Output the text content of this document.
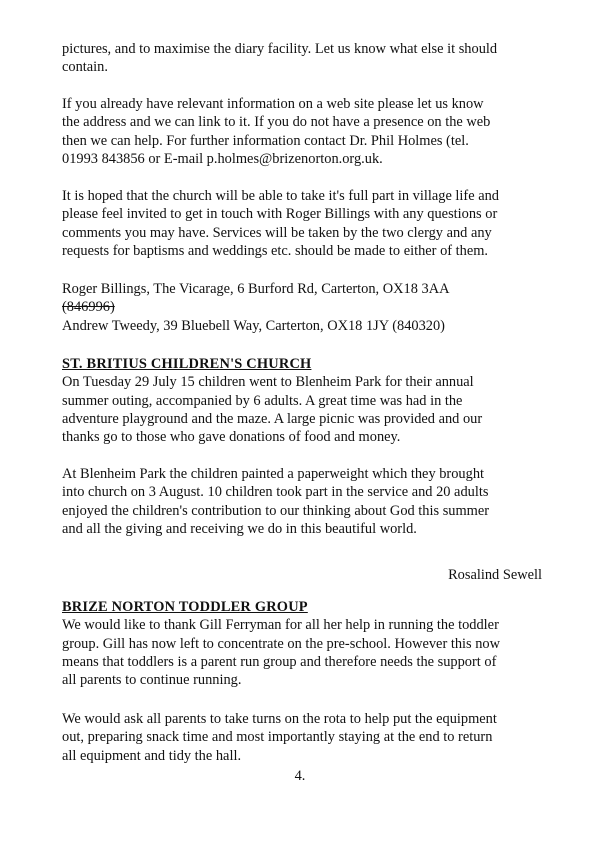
pictures, and to maximise the diary facility. Let us know what else it should
contain.
If you already have relevant information on a web site please let us know
the address and we can link to it. If you do not have a presence on the web
then we can help. For further information contact Dr. Phil Holmes (tel.
01993 843856 or E-mail p.holmes@brizenorton.org.uk.
It is hoped that the church will be able to take it's full part in village life and
please feel invited to get in touch with Roger Billings with any questions or
comments you may have. Services will be taken by the two clergy and any
requests for baptisms and weddings etc. should be made to either of them.
Roger Billings, The Vicarage, 6 Burford Rd, Carterton, OX18 3AA
(846996)
Andrew Tweedy, 39 Bluebell Way, Carterton, OX18 1JY (840320)
ST. BRITIUS CHILDREN'S CHURCH
On Tuesday 29 July 15 children went to Blenheim Park for their annual
summer outing, accompanied by 6 adults. A great time was had in the
adventure playground and the maze. A large picnic was provided and our
thanks go to those who gave donations of food and money.
At Blenheim Park the children painted a paperweight which they brought
into church on 3 August. 10 children took part in the service and 20 adults
enjoyed the children's contribution to our thinking about God this summer
and all the giving and receiving we do in this beautiful world.
Rosalind Sewell
BRIZE NORTON TODDLER GROUP
We would like to thank Gill Ferryman for all her help in running the toddler
group. Gill has now left to concentrate on the pre-school. However this now
means that toddlers is a parent run group and therefore needs the support of
all parents to continue running.
We would ask all parents to take turns on the rota to help put the equipment
out, preparing snack time and most importantly staying at the end to return
all equipment and tidy the hall.
4.
